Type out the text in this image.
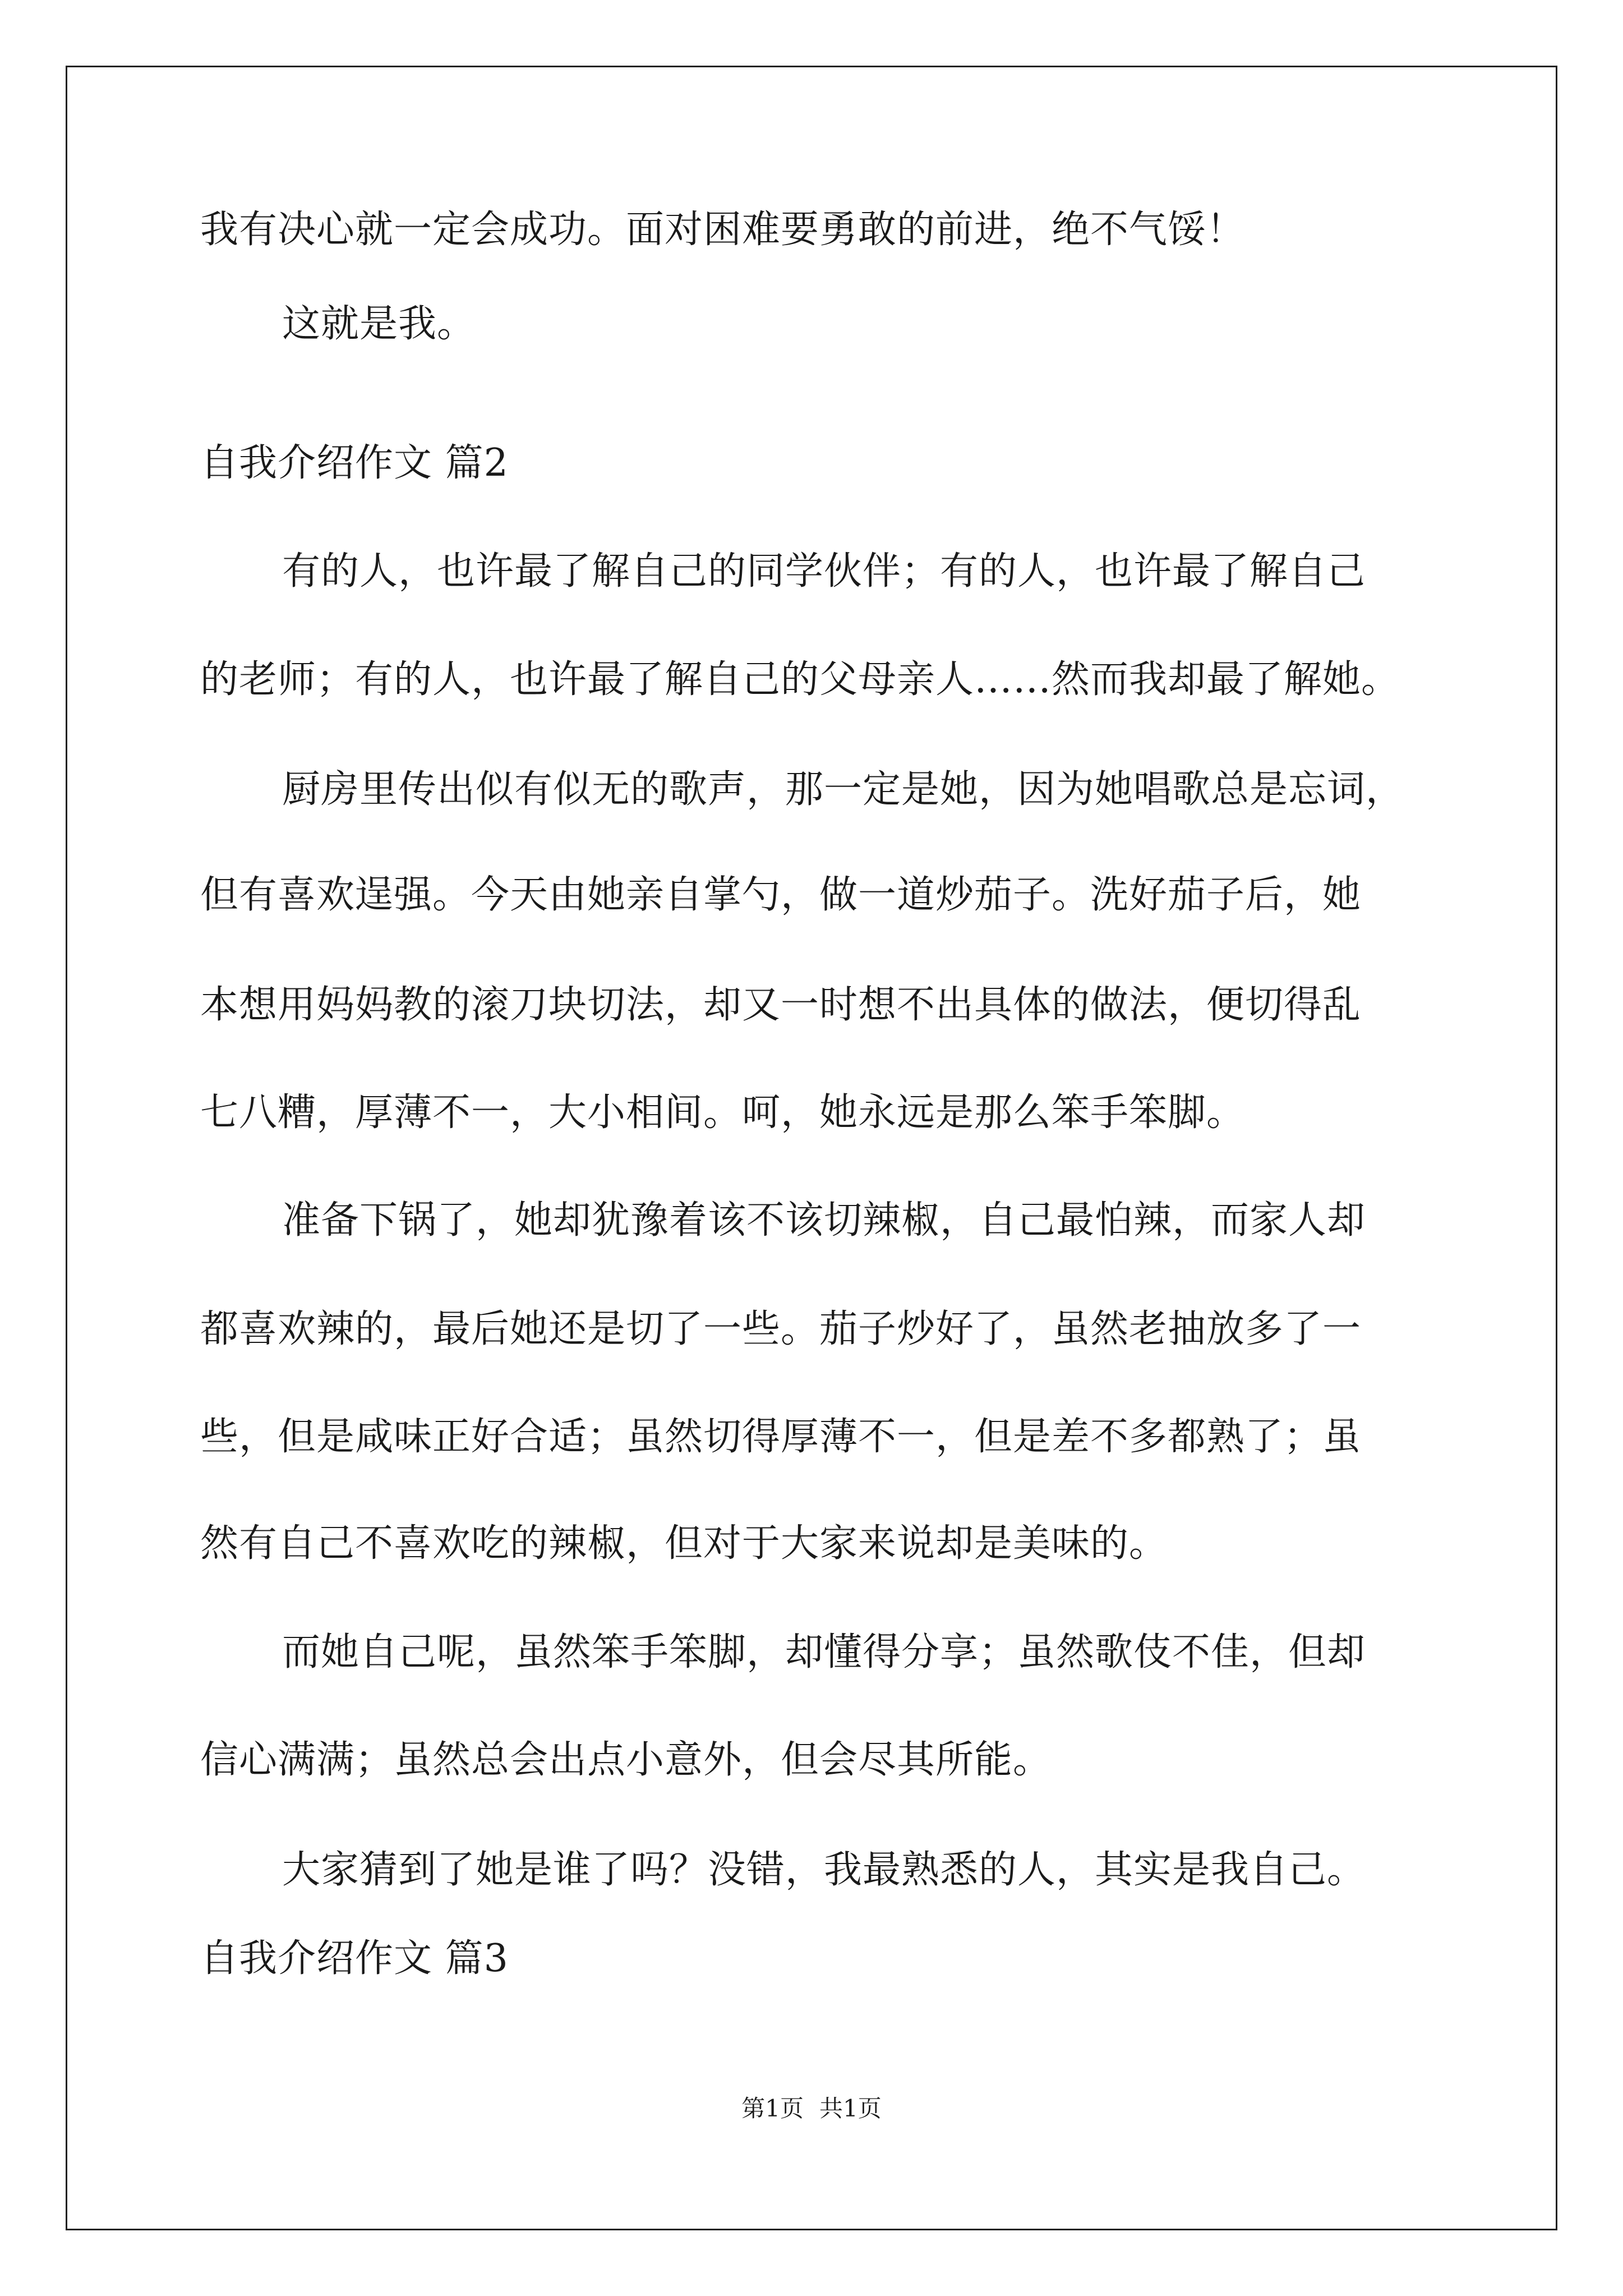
我有决心就一定会成功。面对困难要勇敢的前进，绝不气馁！
这就是我。
自我介绍作文 篇2
有的人，也许最了解自己的同学伙伴；有的人，也许最了解自己
的老师；有的人，也许最了解自己的父母亲人……然而我却最了解她。
厨房里传出似有似无的歌声，那一定是她，因为她唱歌总是忘词，
但有喜欢逞强。今天由她亲自掌勺，做一道炒茄子。洗好茄子后，她
本想用妈妈教的滚刀块切法，却又一时想不出具体的做法，便切得乱
七八糟，厚薄不一，大小相间。呵，她永远是那么笨手笨脚。
准备下锅了，她却犹豫着该不该切辣椒，自己最怕辣，而家人却
都喜欢辣的，最后她还是切了一些。茄子炒好了，虽然老抽放多了一
些，但是咸味正好合适；虽然切得厚薄不一，但是差不多都熟了；虽
然有自己不喜欢吃的辣椒，但对于大家来说却是美味的。
而她自己呢，虽然笨手笨脚，却懂得分享；虽然歌伎不佳，但却
信心满满；虽然总会出点小意外，但会尽其所能。
大家猜到了她是谁了吗？没错，我最熟悉的人，其实是我自己。
自我介绍作文 篇3
第1页 共1页
